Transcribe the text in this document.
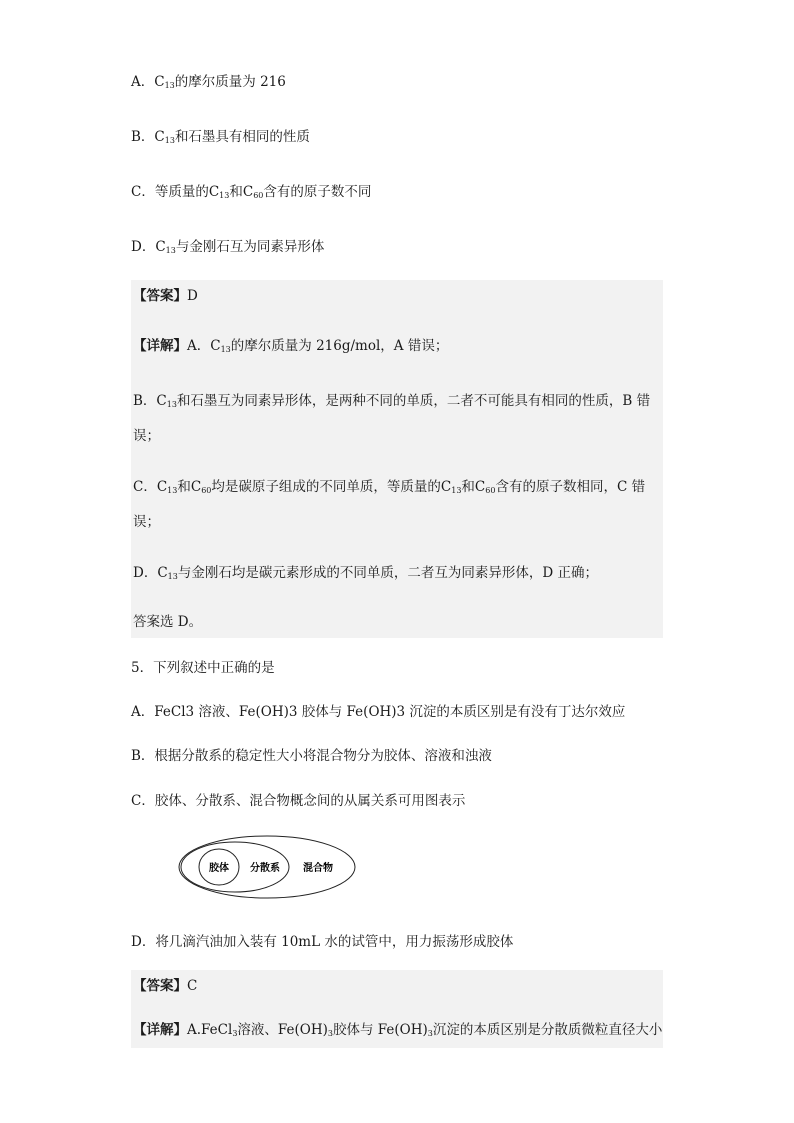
A．$C_{13}$的摩尔质量为 216
B．$C_{13}$和石墨具有相同的性质
C．等质量的$C_{13}$和$C_{60}$含有的原子数不同
D．$C_{13}$与金刚石互为同素异形体
【答案】D
【详解】A．$C_{13}$的摩尔质量为 216g/mol，A 错误；
B．$C_{13}$和石墨互为同素异形体，是两种不同的单质，二者不可能具有相同的性质，B 错
误；
C．$C_{13}$和$C_{60}$均是碳原子组成的不同单质，等质量的$C_{13}$和$C_{60}$含有的原子数相同，C 错
误；
D．$C_{13}$与金刚石均是碳元素形成的不同单质，二者互为同素异形体，D 正确；
答案选 D。
5．下列叙述中正确的是
A．FeCl3 溶液、Fe(OH)3 胶体与 Fe(OH)3 沉淀的本质区别是有没有丁达尔效应
B．根据分散系的稳定性大小将混合物分为胶体、溶液和浊液
C．胶体、分散系、混合物概念间的从属关系可用图表示
胶体 分散系 混合物
D．将几滴汽油加入装有 10mL 水的试管中，用力振荡形成胶体
【答案】C
【详解】A.FeCl$_3$溶液、$Fe(OH)_3$胶体与 $Fe(OH)_3$沉淀的本质区别是分散质微粒直径大小
